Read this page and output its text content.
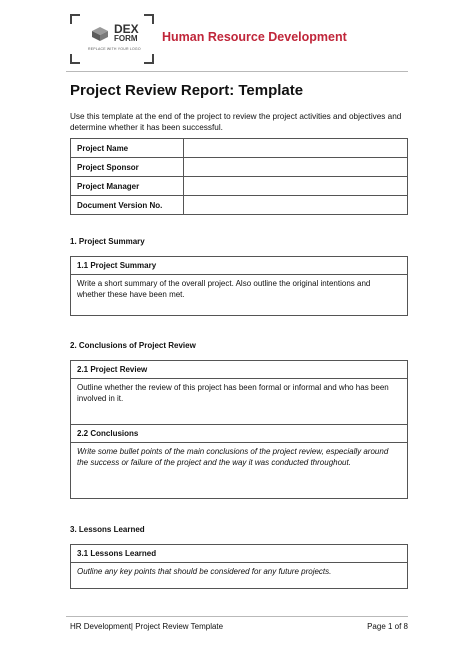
DEX
FORM
REPLACE WITH YOUR LOGO
Human Resource Development
Project Review Report: Template
Use this template at the end of the project to review the project activities and objectives and determine whether it has been successful.
Project Name	
Project Sponsor	
Project Manager	
Document Version No.	
1. Project Summary
1.1 Project Summary
Write a short summary of the overall project. Also outline the original intentions and whether these have been met.
2. Conclusions of Project Review
2.1 Project Review
Outline whether the review of this project has been formal or informal and who has been involved in it.
2.2 Conclusions
Write some bullet points of the main conclusions of the project review, especially around the success or failure of the project and the way it was conducted throughout.
3. Lessons Learned
3.1 Lessons Learned
Outline any key points that should be considered for any future projects.
HR Development| Project Review Template	Page 1 of 8
